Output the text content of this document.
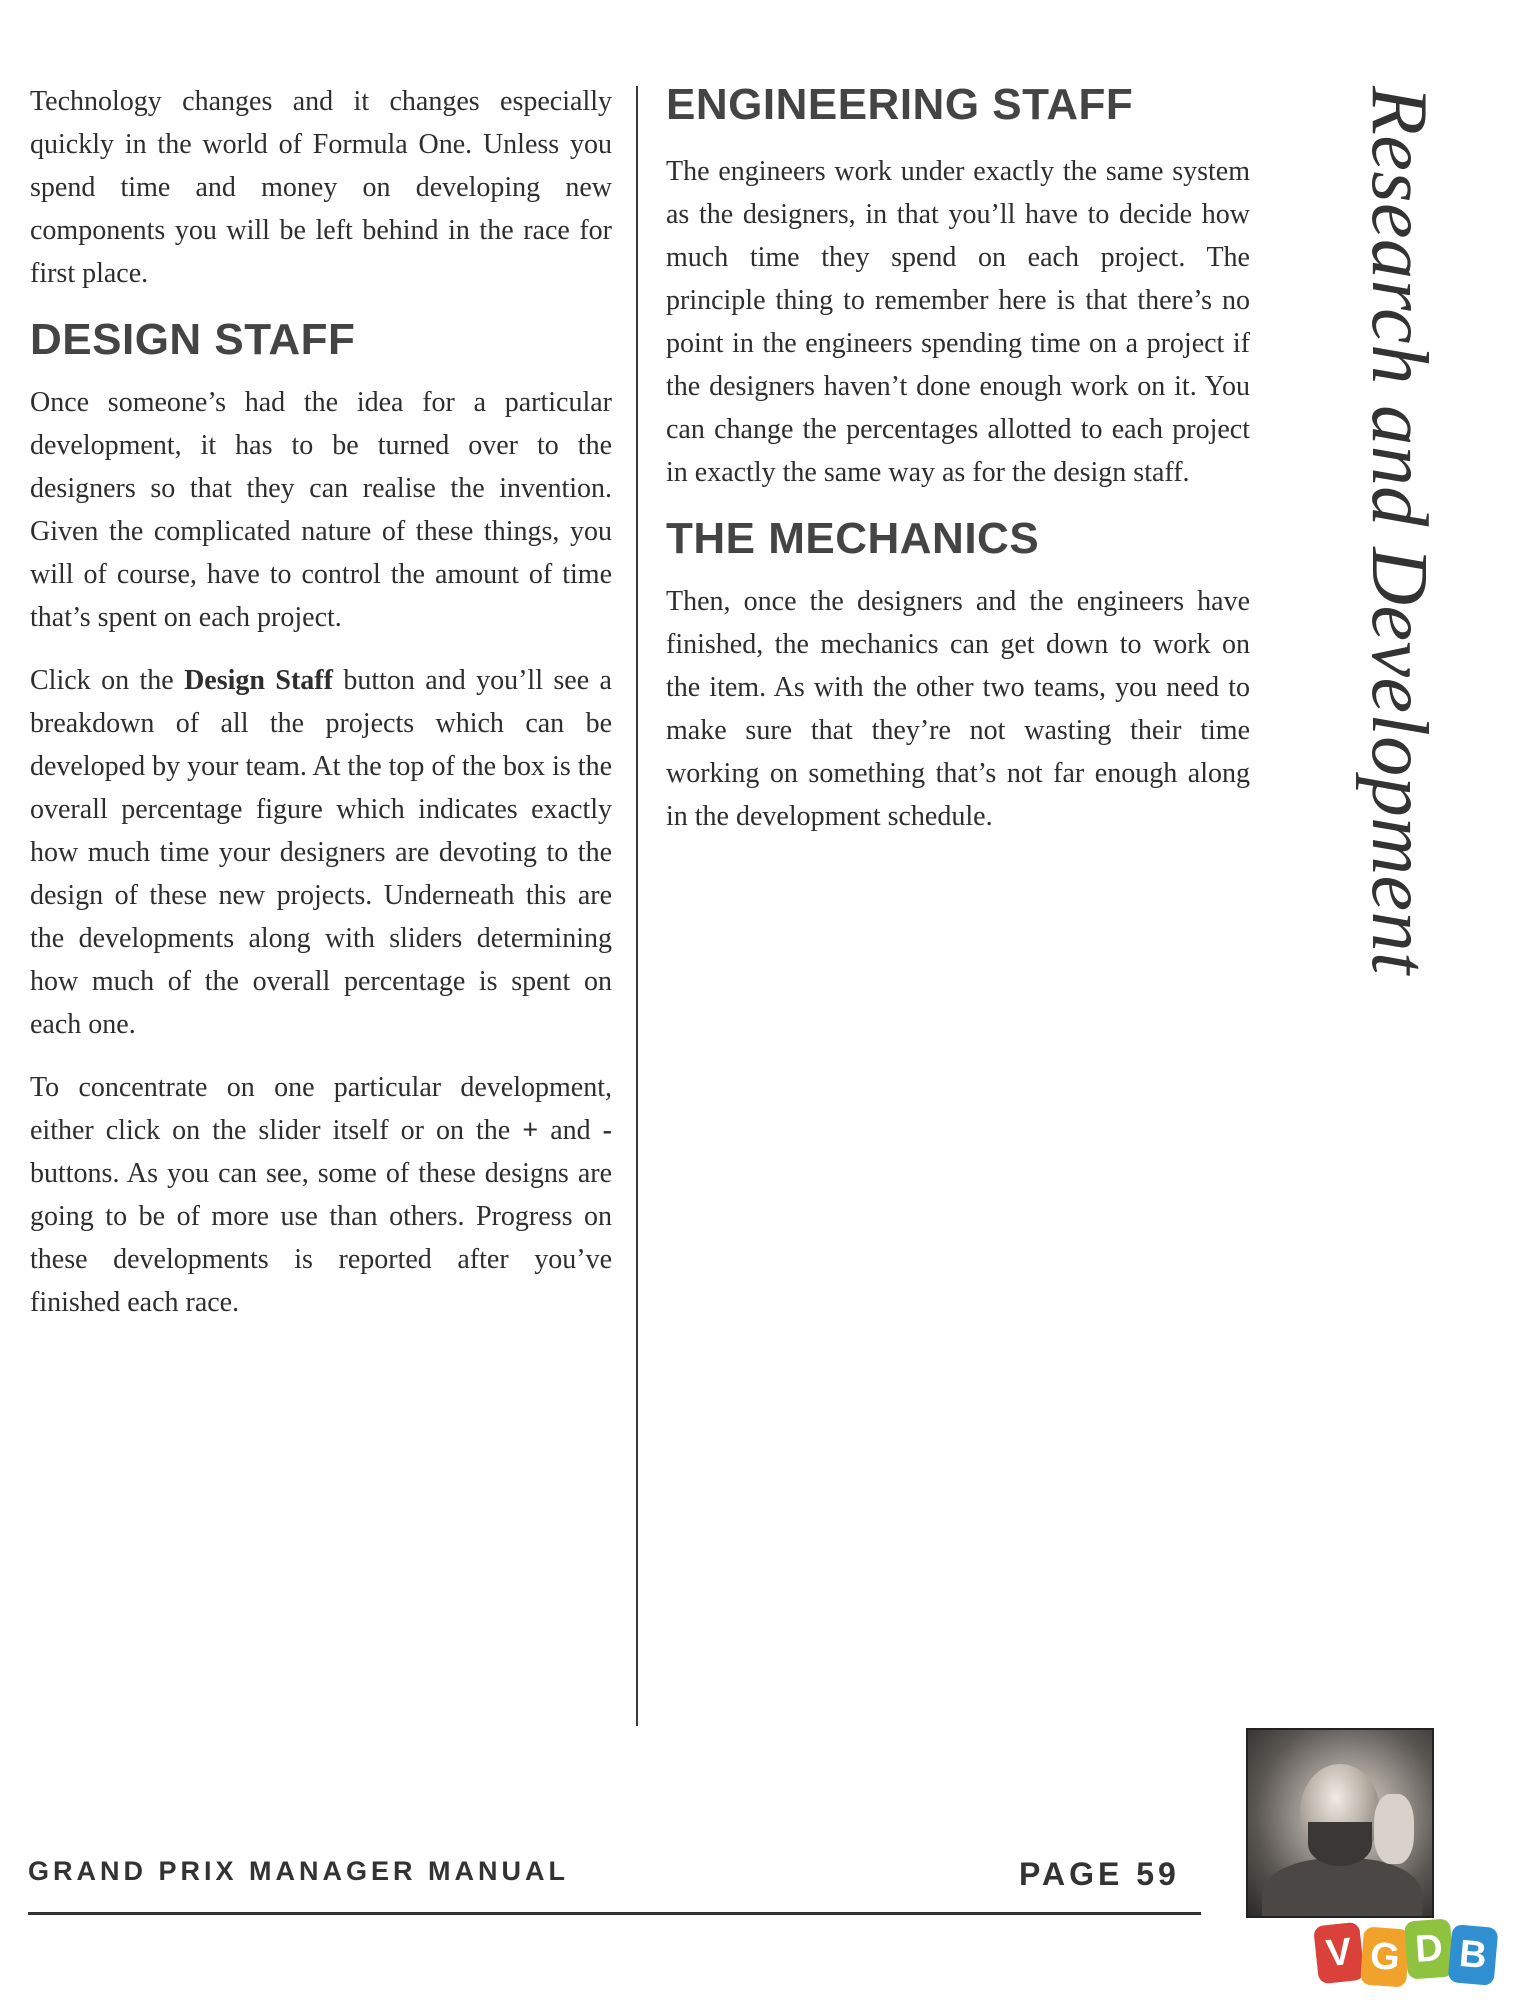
Technology changes and it changes especially quickly in the world of Formula One. Unless you spend time and money on developing new components you will be left behind in the race for first place.

DESIGN STAFF

Once someone’s had the idea for a particular development, it has to be turned over to the designers so that they can realise the invention. Given the complicated nature of these things, you will of course, have to control the amount of time that’s spent on each project.

Click on the Design Staff button and you’ll see a breakdown of all the projects which can be developed by your team. At the top of the box is the overall percentage figure which indicates exactly how much time your designers are devoting to the design of these new projects. Underneath this are the developments along with sliders determining how much of the overall percentage is spent on each one.

To concentrate on one particular development, either click on the slider itself or on the + and - buttons. As you can see, some of these designs are going to be of more use than others. Progress on these developments is reported after you’ve finished each race.

ENGINEERING STAFF

The engineers work under exactly the same system as the designers, in that you’ll have to decide how much time they spend on each project. The principle thing to remember here is that there’s no point in the engineers spending time on a project if the designers haven’t done enough work on it. You can change the percentages allotted to each project in exactly the same way as for the design staff.

THE MECHANICS

Then, once the designers and the engineers have finished, the mechanics can get down to work on the item. As with the other two teams, you need to make sure that they’re not wasting their time working on something that’s not far enough along in the development schedule.	Research and Development
GRAND PRIX MANAGER MANUAL	PAGE 59
V G D B
